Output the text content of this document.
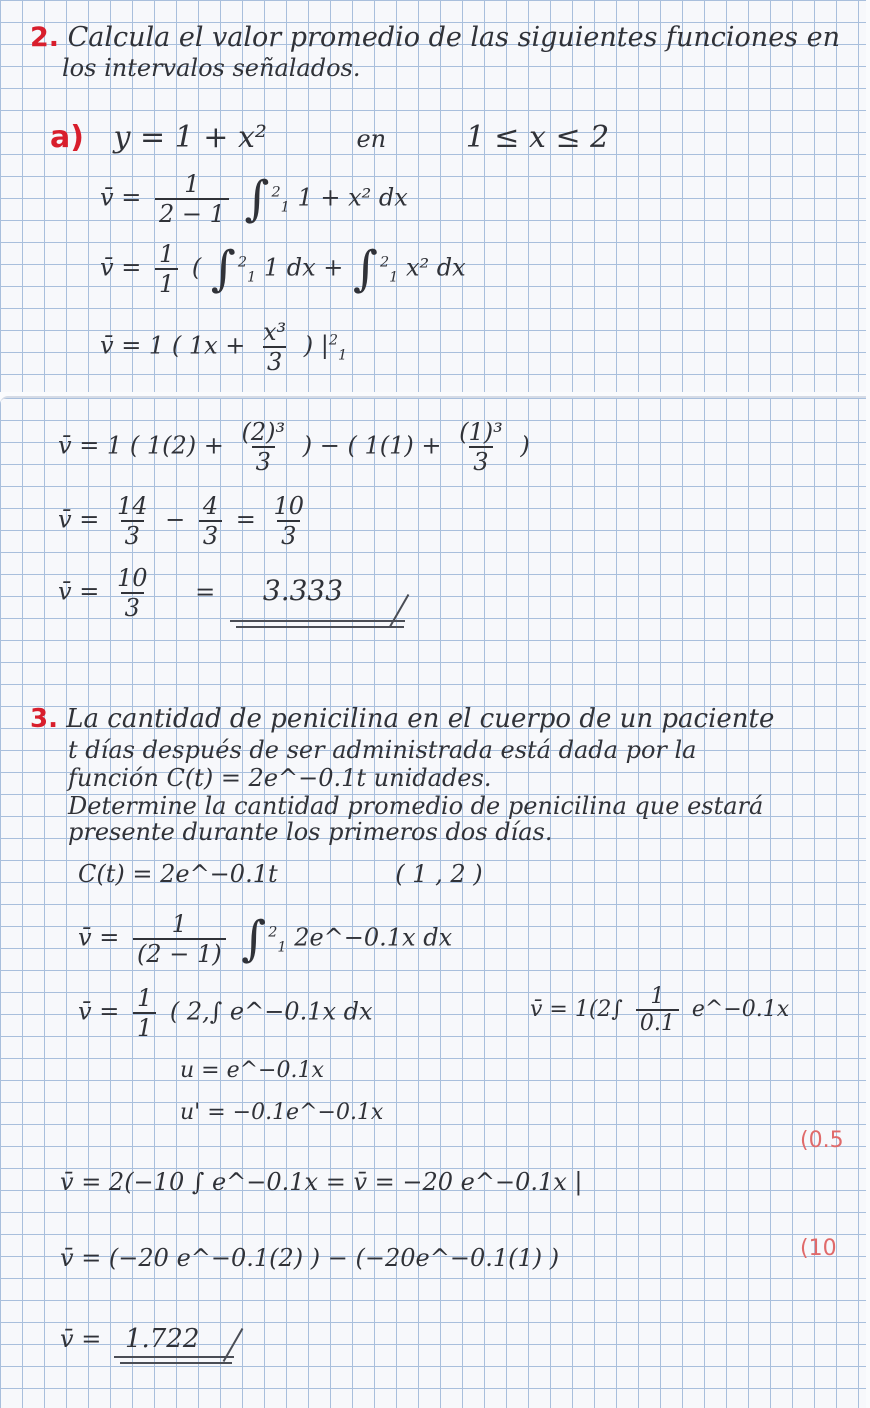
2. Calcula el valor promedio de las siguientes funciones en
los intervalos señalados.
a) y = 1 + x²	en	1 ≤ x ≤ 2
v̄ = $\frac{1}{2 - 1}$ ∫ $^2_1$ 1 + x² dx
v̄ = $\frac{1}{1}$ ( ∫ $^2_1$ 1 dx + ∫ $^2_1$ x² dx
v̄ = 1 ( $1x + \frac{\text{x³}}{3}$ ) $|^2_1$
v̄ = 1 ( $1(2) + \frac{\text{(2)³}}{3}$ ) − ( $1(1) + \frac{\text{(1)³}}{3}$ )
v̄ = $\frac{14}{3} - \frac{4}{3} = \frac{10}{3}$
v̄ = $\frac{10}{3} = 3.333$
3. La cantidad de penicilina en el cuerpo de un paciente
t días después de ser administrada está dada por la
función C(t) = 2e^−0.1t unidades.
Determine la cantidad promedio de penicilina que estará
presente durante los primeros dos días.
C(t) = 2e^−0.1t	( 1 , 2 )
v̄ = $\frac{1}{(2 - 1)}$ ∫ $^2_1$ 2e^−0.1x dx
v̄ = $\frac{1}{1}$ ( 2,∫ e^−0.1x dx	v̄ = $1(2\int \frac{1}{0.1}$ e^−0.1x
u = e^−0.1x
u' = −0.1e^−0.1x
(0.5
v̄ = 2(−10 ∫ e^−0.1x = v̄ = −20 e^−0.1x |
(10
v̄ = (−20 e^−0.1(2) ) − (−20e^−0.1(1) )
v̄ = 1.722
